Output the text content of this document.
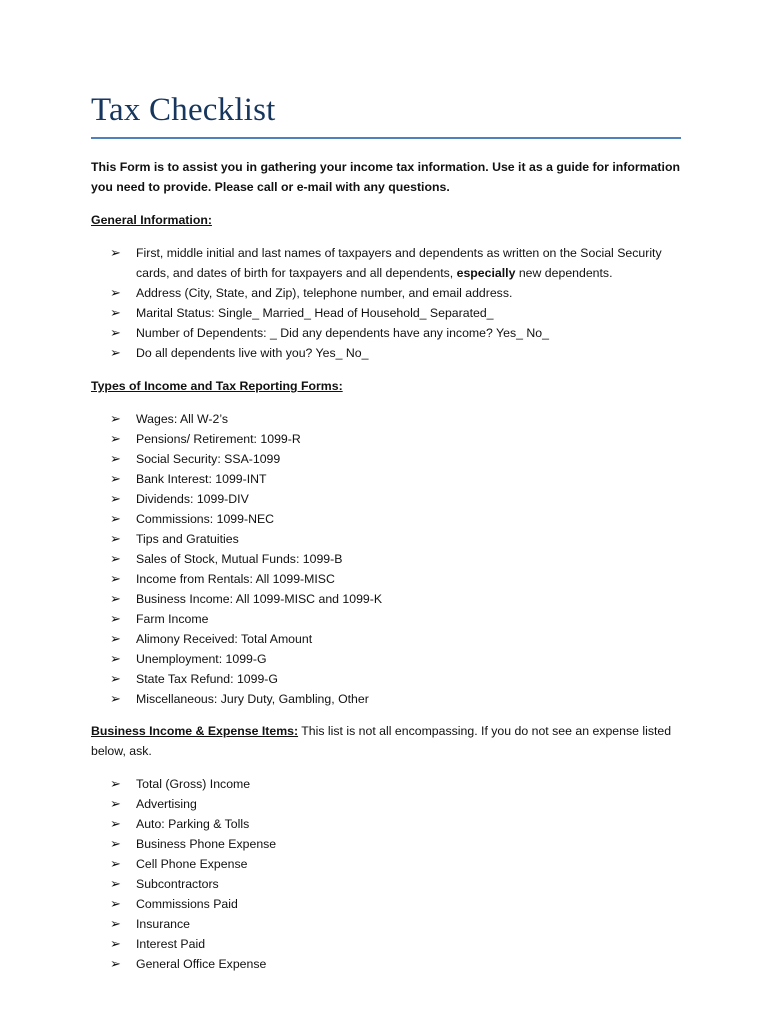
Tax Checklist
This Form is to assist you in gathering your income tax information. Use it as a guide for information you need to provide. Please call or e-mail with any questions.
General Information:
➢ First, middle initial and last names of taxpayers and dependents as written on the Social Security cards, and dates of birth for taxpayers and all dependents, especially new dependents.
➢ Address (City, State, and Zip), telephone number, and email address.
➢ Marital Status: Single_ Married_ Head of Household_ Separated_
➢ Number of Dependents: _ Did any dependents have any income? Yes_ No_
➢ Do all dependents live with you? Yes_ No_
Types of Income and Tax Reporting Forms:
➢ Wages: All W-2’s
➢ Pensions/ Retirement: 1099-R
➢ Social Security: SSA-1099
➢ Bank Interest: 1099-INT
➢ Dividends: 1099-DIV
➢ Commissions: 1099-NEC
➢ Tips and Gratuities
➢ Sales of Stock, Mutual Funds: 1099-B
➢ Income from Rentals: All 1099-MISC
➢ Business Income: All 1099-MISC and 1099-K
➢ Farm Income
➢ Alimony Received: Total Amount
➢ Unemployment: 1099-G
➢ State Tax Refund: 1099-G
➢ Miscellaneous: Jury Duty, Gambling, Other
Business Income & Expense Items: This list is not all encompassing. If you do not see an expense listed below, ask.
➢ Total (Gross) Income
➢ Advertising
➢ Auto: Parking & Tolls
➢ Business Phone Expense
➢ Cell Phone Expense
➢ Subcontractors
➢ Commissions Paid
➢ Insurance
➢ Interest Paid
➢ General Office Expense
